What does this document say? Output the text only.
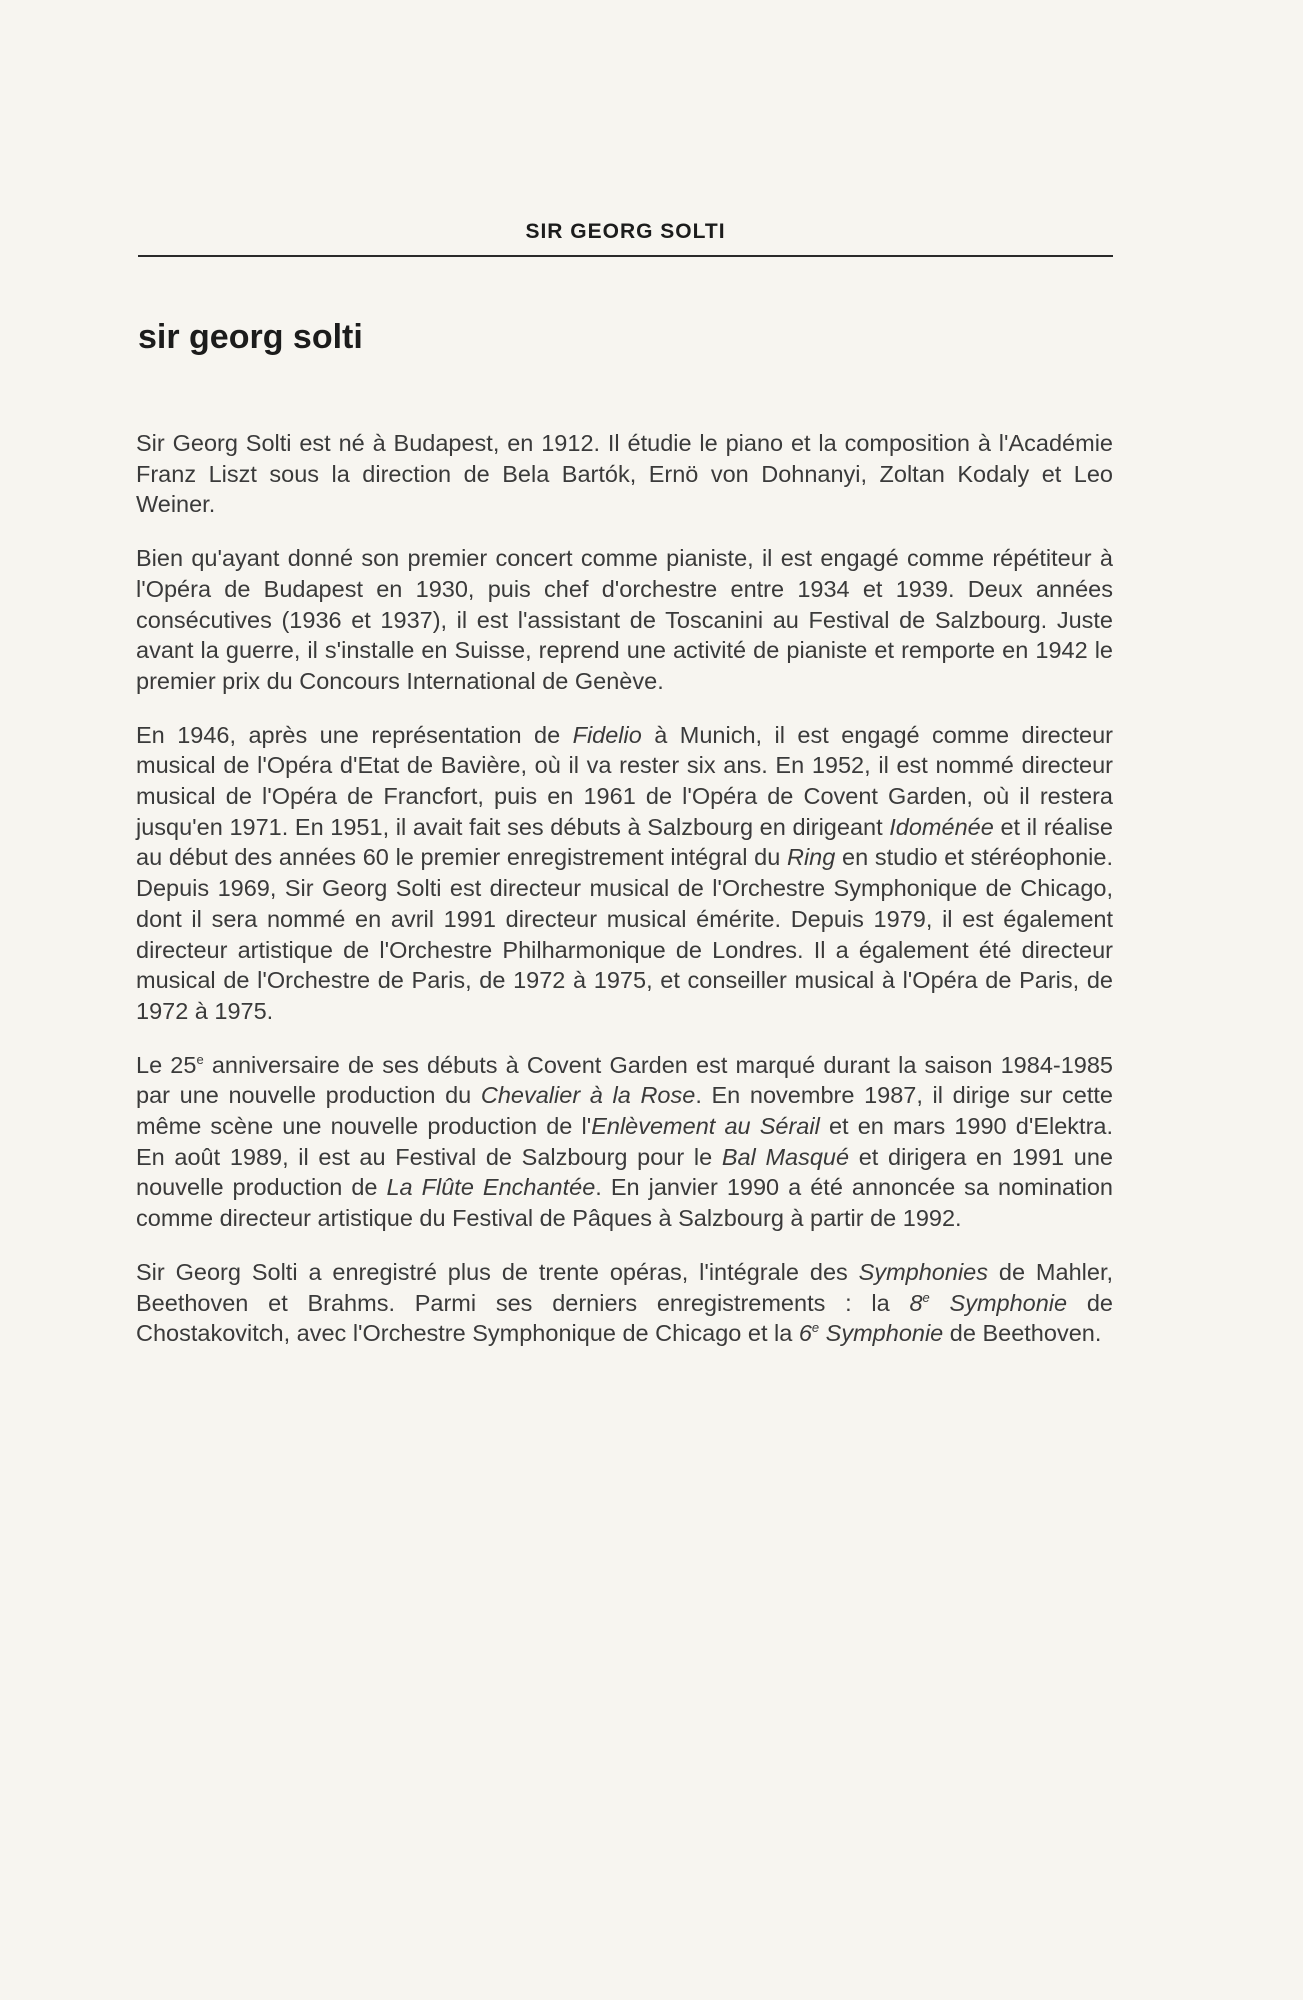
SIR GEORG SOLTI
sir georg solti

Sir Georg Solti est né à Budapest, en 1912. Il étudie le piano et la composition à l'Académie Franz Liszt sous la direction de Bela Bartók, Ernö von Dohnanyi, Zoltan Kodaly et Leo Weiner.

Bien qu'ayant donné son premier concert comme pianiste, il est engagé comme répétiteur à l'Opéra de Budapest en 1930, puis chef d'orchestre entre 1934 et 1939. Deux années consécutives (1936 et 1937), il est l'assistant de Toscanini au Festival de Salzbourg. Juste avant la guerre, il s'installe en Suisse, reprend une activité de pianiste et remporte en 1942 le premier prix du Concours International de Genève.

En 1946, après une représentation de Fidelio à Munich, il est engagé comme directeur musical de l'Opéra d'Etat de Bavière, où il va rester six ans. En 1952, il est nommé directeur musical de l'Opéra de Francfort, puis en 1961 de l'Opéra de Covent Garden, où il restera jusqu'en 1971. En 1951, il avait fait ses débuts à Salzbourg en dirigeant Idoménée et il réalise au début des années 60 le premier enregistrement intégral du Ring en studio et stéréophonie. Depuis 1969, Sir Georg Solti est directeur musical de l'Orchestre Symphonique de Chicago, dont il sera nommé en avril 1991 directeur musical émérite. Depuis 1979, il est également directeur artistique de l'Orchestre Philharmonique de Londres. Il a également été directeur musical de l'Orchestre de Paris, de 1972 à 1975, et conseiller musical à l'Opéra de Paris, de 1972 à 1975.

Le 25e anniversaire de ses débuts à Covent Garden est marqué durant la saison 1984-1985 par une nouvelle production du Chevalier à la Rose. En novembre 1987, il dirige sur cette même scène une nouvelle production de l'Enlèvement au Sérail et en mars 1990 d'Elektra. En août 1989, il est au Festival de Salzbourg pour le Bal Masqué et dirigera en 1991 une nouvelle production de La Flûte Enchantée. En janvier 1990 a été annoncée sa nomination comme directeur artistique du Festival de Pâques à Salzbourg à partir de 1992.

Sir Georg Solti a enregistré plus de trente opéras, l'intégrale des Symphonies de Mahler, Beethoven et Brahms. Parmi ses derniers enregistrements : la 8e Symphonie de Chostakovitch, avec l'Orchestre Symphonique de Chicago et la 6e Symphonie de Beethoven.
